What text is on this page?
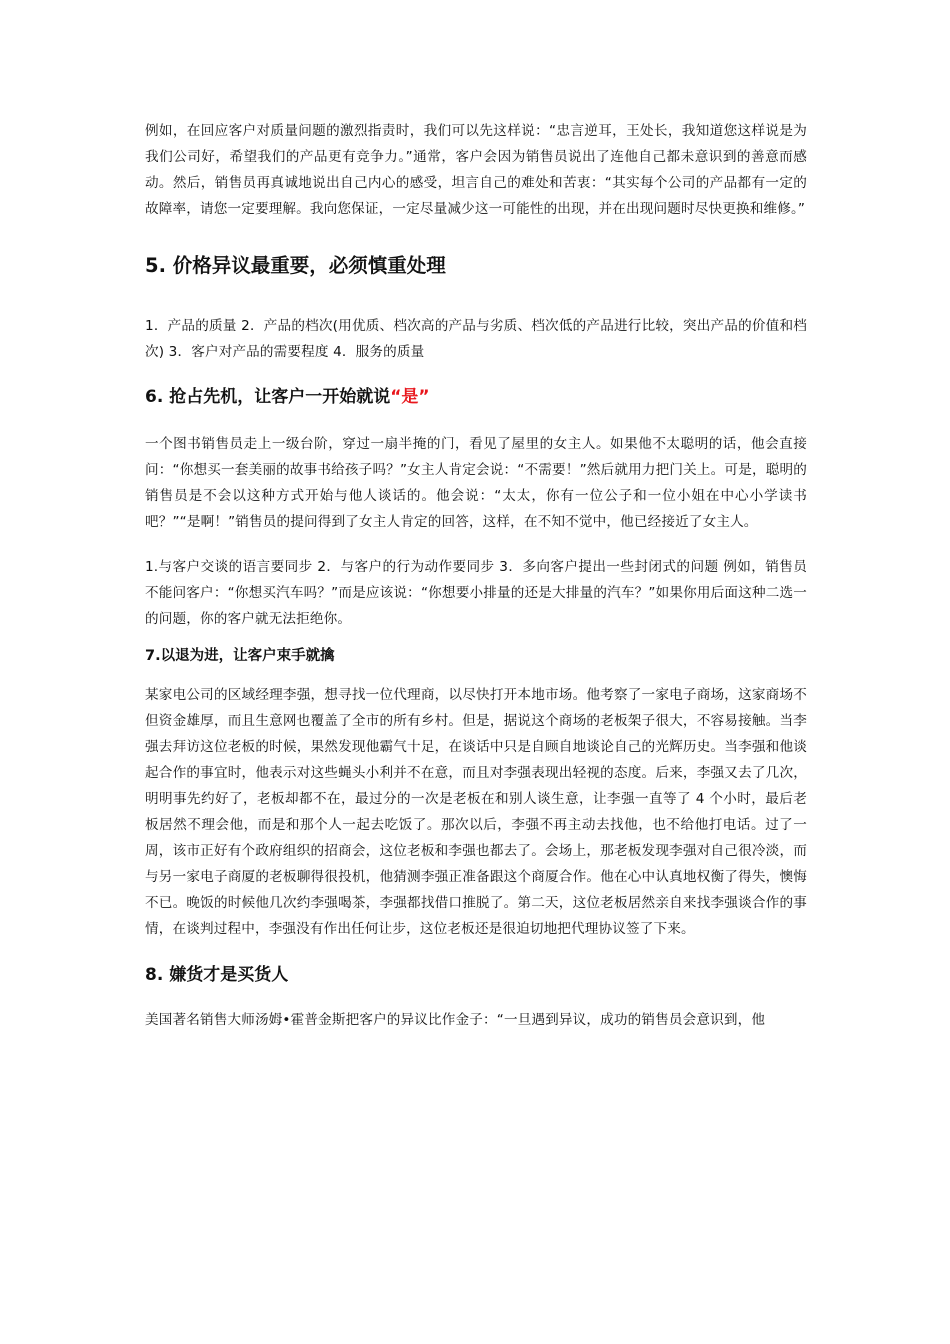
例如，在回应客户对质量问题的激烈指责时，我们可以先这样说：“忠言逆耳，王处长，我知道您这样说是为我们公司好，希望我们的产品更有竞争力。”通常，客户会因为销售员说出了连他自己都未意识到的善意而感动。然后，销售员再真诚地说出自己内心的感受，坦言自己的难处和苦衷：“其实每个公司的产品都有一定的故障率，请您一定要理解。我向您保证，一定尽量减少这一可能性的出现，并在出现问题时尽快更换和维修。”

5. 价格异议最重要，必须慎重处理

1．产品的质量 2．产品的档次(用优质、档次高的产品与劣质、档次低的产品进行比较，突出产品的价值和档次) 3．客户对产品的需要程度 4．服务的质量

6. 抢占先机，让客户一开始就说“是”

一个图书销售员走上一级台阶，穿过一扇半掩的门，看见了屋里的女主人。如果他不太聪明的话，他会直接问：“你想买一套美丽的故事书给孩子吗？”女主人肯定会说：“不需要！”然后就用力把门关上。可是，聪明的销售员是不会以这种方式开始与他人谈话的。他会说：“太太，你有一位公子和一位小姐在中心小学读书吧？”“是啊！”销售员的提问得到了女主人肯定的回答，这样，在不知不觉中，他已经接近了女主人。

1.与客户交谈的语言要同步 2．与客户的行为动作要同步 3．多向客户提出一些封闭式的问题 例如，销售员不能问客户：“你想买汽车吗？”而是应该说：“你想要小排量的还是大排量的汽车？”如果你用后面这种二选一的问题，你的客户就无法拒绝你。

7.以退为进，让客户束手就擒

某家电公司的区域经理李强，想寻找一位代理商，以尽快打开本地市场。他考察了一家电子商场，这家商场不但资金雄厚，而且生意网也覆盖了全市的所有乡村。但是，据说这个商场的老板架子很大，不容易接触。当李强去拜访这位老板的时候，果然发现他霸气十足，在谈话中只是自顾自地谈论自己的光辉历史。当李强和他谈起合作的事宜时，他表示对这些蝇头小利并不在意，而且对李强表现出轻视的态度。后来，李强又去了几次，明明事先约好了，老板却都不在，最过分的一次是老板在和别人谈生意，让李强一直等了 4 个小时，最后老板居然不理会他，而是和那个人一起去吃饭了。那次以后，李强不再主动去找他，也不给他打电话。过了一周，该市正好有个政府组织的招商会，这位老板和李强也都去了。会场上，那老板发现李强对自己很冷淡，而与另一家电子商厦的老板聊得很投机，他猜测李强正准备跟这个商厦合作。他在心中认真地权衡了得失，懊悔不已。晚饭的时候他几次约李强喝茶，李强都找借口推脱了。第二天，这位老板居然亲自来找李强谈合作的事情，在谈判过程中，李强没有作出任何让步，这位老板还是很迫切地把代理协议签了下来。

8. 嫌货才是买货人

美国著名销售大师汤姆•霍普金斯把客户的异议比作金子：“一旦遇到异议，成功的销售员会意识到，他
